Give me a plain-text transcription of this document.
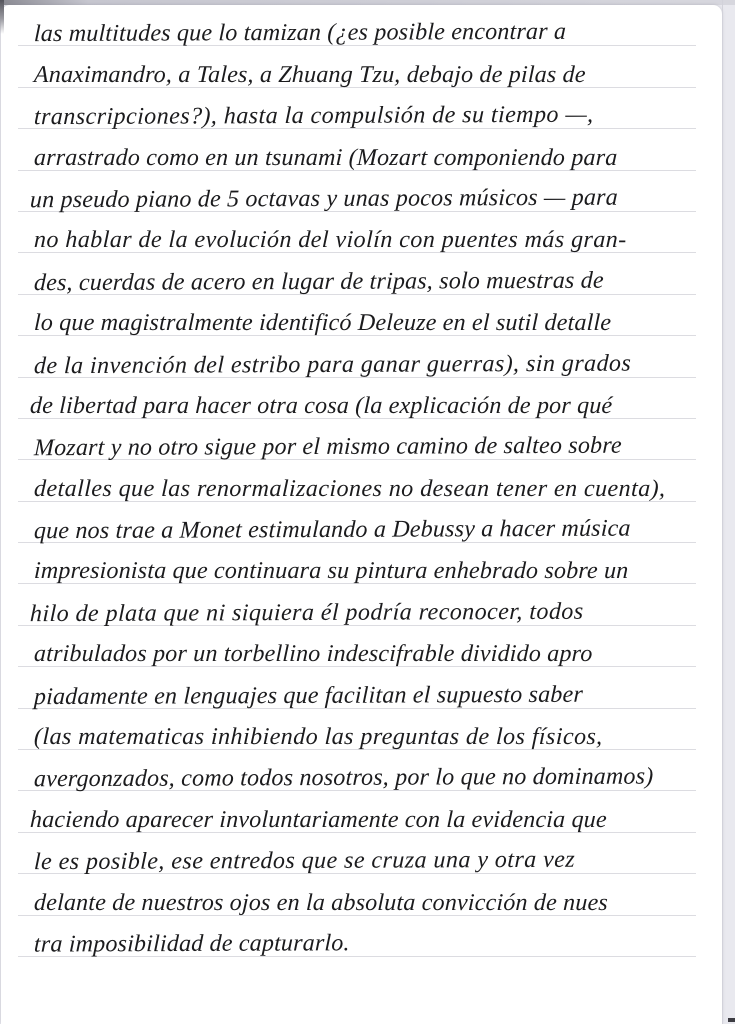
las multitudes que lo tamizan (¿es posible encontrar a
Anaximandro, a Tales, a Zhuang Tzu, debajo de pilas de
transcripciones?), hasta la compulsión de su tiempo —,
arrastrado como en un tsunami (Mozart componiendo para
un pseudo piano de 5 octavas y unas pocos músicos — para
no hablar de la evolución del violín con puentes más gran-
des, cuerdas de acero en lugar de tripas, solo muestras de
lo que magistralmente identificó Deleuze en el sutil detalle
de la invención del estribo para ganar guerras), sin grados
de libertad para hacer otra cosa (la explicación de por qué
Mozart y no otro sigue por el mismo camino de salteo sobre
detalles que las renormalizaciones no desean tener en cuenta),
que nos trae a Monet estimulando a Debussy a hacer música
impresionista que continuara su pintura enhebrado sobre un
hilo de plata que ni siquiera él podría reconocer, todos
atribulados por un torbellino indescifrable dividido apro
piadamente en lenguajes que facilitan el supuesto saber
(las matematicas inhibiendo las preguntas de los físicos,
avergonzados, como todos nosotros, por lo que no dominamos)
haciendo aparecer involuntariamente con la evidencia que
le es posible, ese entredos que se cruza una y otra vez
delante de nuestros ojos en la absoluta convicción de nues
tra imposibilidad de capturarlo.
